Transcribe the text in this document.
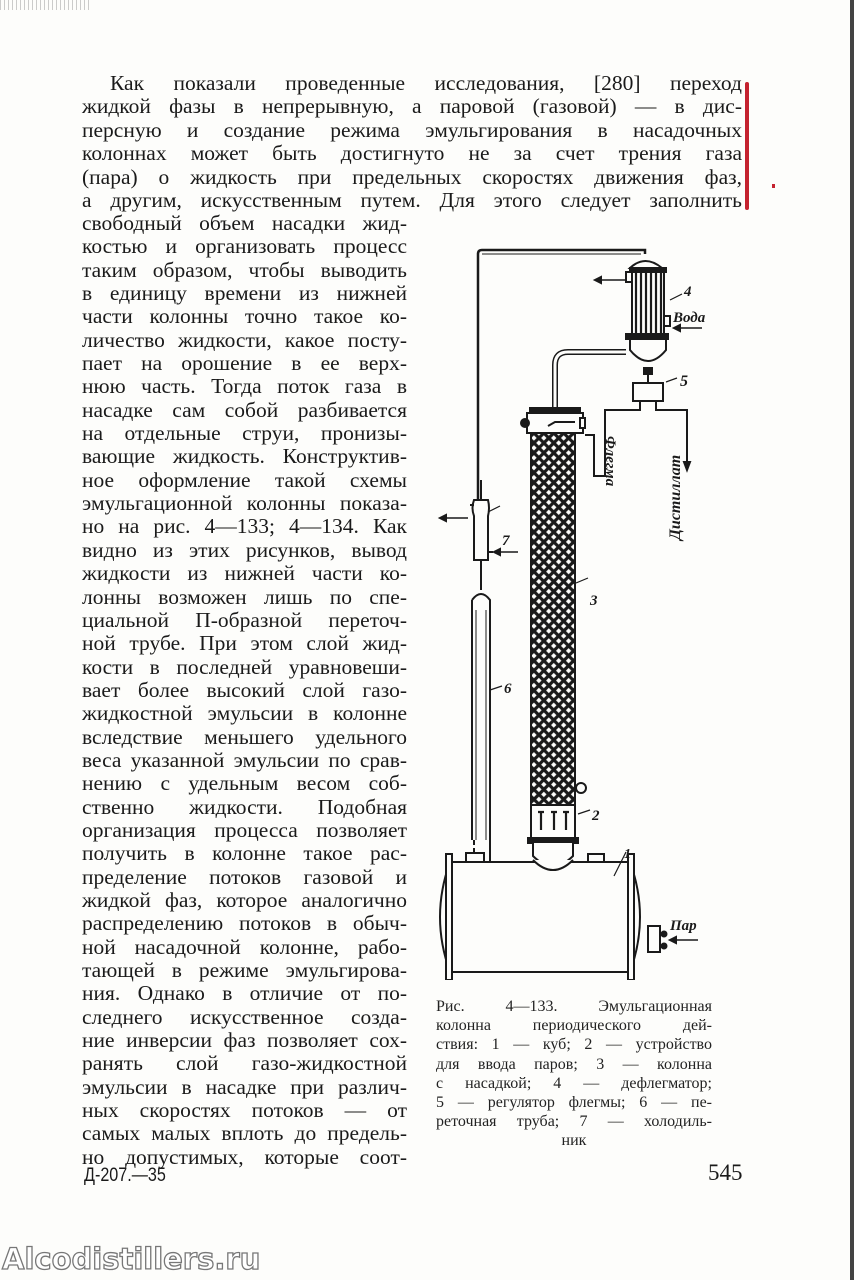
Как показали проведенные исследования, [280] переход
жидкой фазы в непрерывную, а паровой (газовой) — в дис-
персную и создание режима эмульгирования в насадочных
колоннах может быть достигнуто не за счет трения газа
(пара) о жидкость при предельных скоростях движения фаз,
а другим, искусственным путем. Для этого следует заполнить
свободный объем насадки жид-
костью и организовать процесс
таким образом, чтобы выводить
в единицу времени из нижней
части колонны точно такое ко-
личество жидкости, какое посту-
пает на орошение в ее верх-
нюю часть. Тогда поток газа в
насадке сам собой разбивается
на отдельные струи, пронизы-
вающие жидкость. Конструктив-
ное оформление такой схемы
эмульгационной колонны показа-
но на рис. 4—133; 4—134. Как
видно из этих рисунков, вывод
жидкости из нижней части ко-
лонны возможен лишь по спе-
циальной П-образной переточ-
ной трубе. При этом слой жид-
кости в последней уравновеши-
вает более высокий слой газо-
жидкостной эмульсии в колонне
вследствие меньшего удельного
веса указанной эмульсии по срав-
нению с удельным весом соб-
ственно жидкости. Подобная
организация процесса позволяет
получить в колонне такое рас-
пределение потоков газовой и
жидкой фаз, которое аналогично
распределению потоков в обыч-
ной насадочной колонне, рабо-
тающей в режиме эмульгирова-
ния. Однако в отличие от по-
следнего искусственное созда-
ние инверсии фаз позволяет сох-
ранять слой газо-жидкостной
эмульсии в насадке при различ-
ных скоростях потоков — от
самых малых вплоть до предель-
но допустимых, которые соот-
4
Вода
5
Флегма	Дистиллат
7
3
6
2
1
Пар
Рис. 4—133. Эмульгационная
колонна периодического дей-
ствия: 1 — куб; 2 — устройство
для ввода паров; 3 — колонна
с насадкой; 4 — дефлегматор;
5 — регулятор флегмы; 6 — пе-
реточная труба; 7 — холодиль-
ник
Д-207.—35	545
Alcodistillers.ru
